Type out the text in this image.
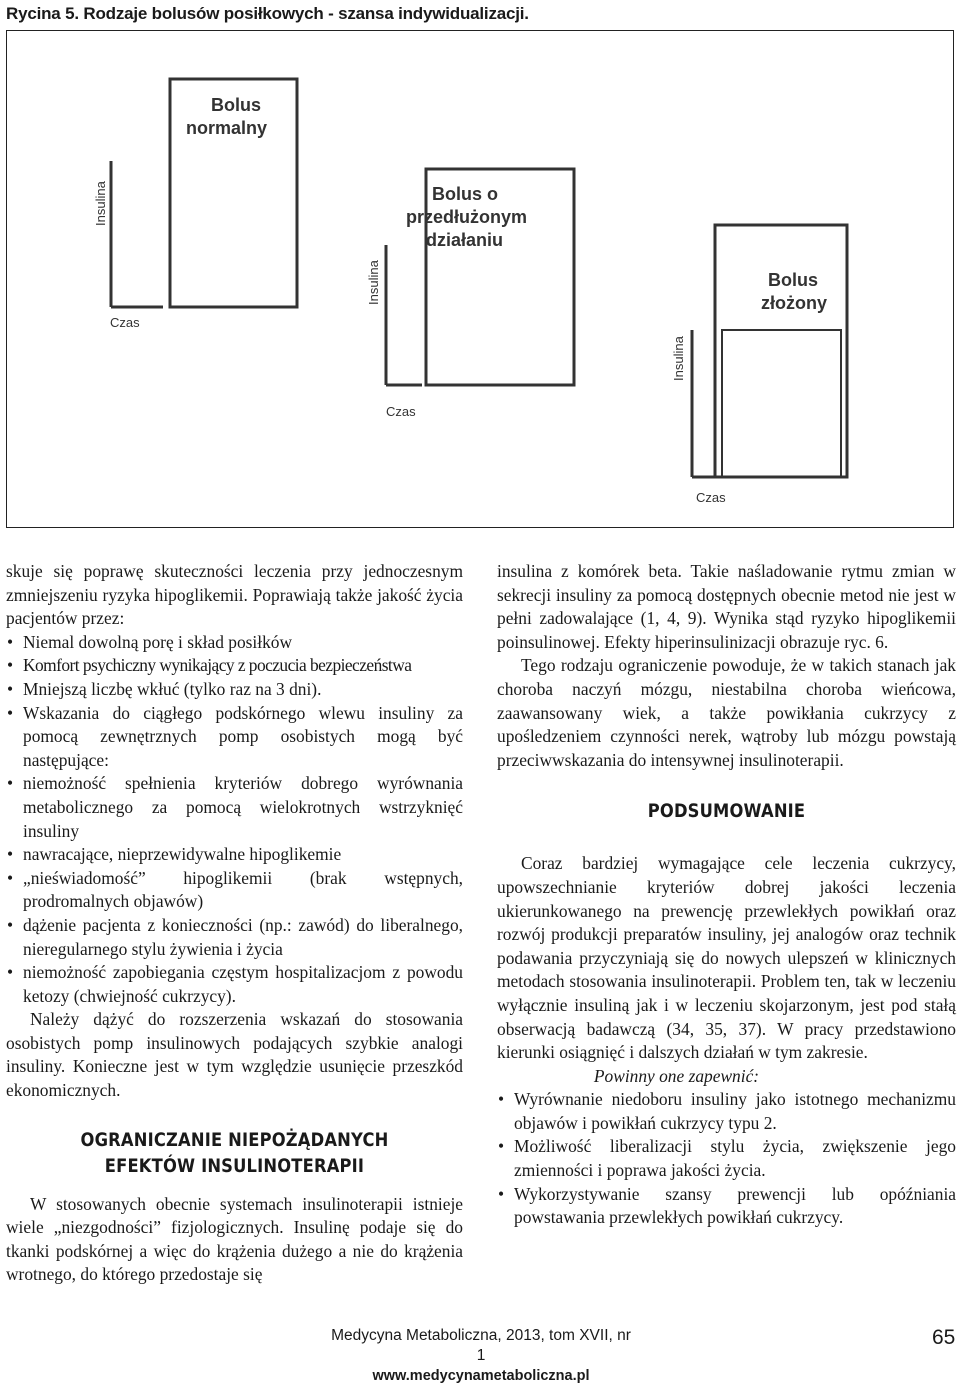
Rycina 5. Rodzaje bolusów posiłkowych - szansa indywidualizacji.
Bolus
normalny
Insulina
Czas
Bolus o
przedłużonym
działaniu
Insulina
Czas
Bolus
złożony
Insulina
Czas

skuje się poprawę skuteczności leczenia przy jednoczesnym zmniejszeniu ryzyka hipoglikemii. Poprawiają także jakość życia pacjentów przez:

• Niemal dowolną porę i skład posiłków
• Komfort psychiczny wynikający z poczucia bezpieczeństwa
• Mniejszą liczbę wkłuć (tylko raz na 3 dni).
• Wskazania do ciągłego podskórnego wlewu insuliny za pomocą zewnętrznych pomp osobistych mogą być następujące:
• niemożność spełnienia kryteriów dobrego wyrównania metabolicznego za pomocą wielokrotnych wstrzyknięć insuliny
• nawracające, nieprzewidywalne hipoglikemie
• „nieświadomość” hipoglikemii (brak wstępnych, prodromalnych objawów)
• dążenie pacjenta z konieczności (np.: zawód) do liberalnego, nieregularnego stylu żywienia i życia
• niemożność zapobiegania częstym hospitalizacjom z powodu ketozy (chwiejność cukrzycy).

Należy dążyć do rozszerzenia wskazań do stosowania osobistych pomp insulinowych podających szybkie analogi insuliny. Konieczne jest w tym względzie usunięcie przeszkód ekonomicznych.

OGRANICZANIE NIEPOŻĄDANYCH EFEKTÓW INSULINOTERAPII

W stosowanych obecnie systemach insulinoterapii istnieje wiele „niezgodności” fizjologicznych. Insulinę podaje się do tkanki podskórnej a więc do krążenia dużego a nie do krążenia wrotnego, do którego przedostaje się

insulina z komórek beta. Takie naśladowanie rytmu zmian w sekrecji insuliny za pomocą dostępnych obecnie metod nie jest w pełni zadowalające (1, 4, 9). Wynika stąd ryzyko hipoglikemii poinsulinowej. Efekty hiperinsulinizacji obrazuje ryc. 6.

Tego rodzaju ograniczenie powoduje, że w takich stanach jak choroba naczyń mózgu, niestabilna choroba wieńcowa, zaawansowany wiek, a także powikłania cukrzycy z upośledzeniem czynności nerek, wątroby lub mózgu powstają przeciwwskazania do intensywnej insulinoterapii.

PODSUMOWANIE

Coraz bardziej wymagające cele leczenia cukrzycy, upowszechnianie kryteriów dobrej jakości leczenia ukierunkowanego na prewencję przewlekłych powikłań oraz rozwój produkcji preparatów insuliny, jej analogów oraz technik podawania przyczyniają się do nowych ulepszeń w klinicznych metodach stosowania insulinoterapii. Problem ten, tak w leczeniu wyłącznie insuliną jak i w leczeniu skojarzonym, jest pod stałą obserwacją badawczą (34, 35, 37). W pracy przedstawiono kierunki osiągnięć i dalszych działań w tym zakresie.

Powinny one zapewnić:

• Wyrównanie niedoboru insuliny jako istotnego mechanizmu objawów i powikłań cukrzycy typu 2.
• Możliwość liberalizacji stylu życia, zwiększenie jego zmienności i poprawa jakości życia.
• Wykorzystywanie szansy prewencji lub opóźniania powstawania przewlekłych powikłań cukrzycy.
Medycyna Metaboliczna, 2013, tom XVII, nr 1
www.medycynametaboliczna.pl
65
